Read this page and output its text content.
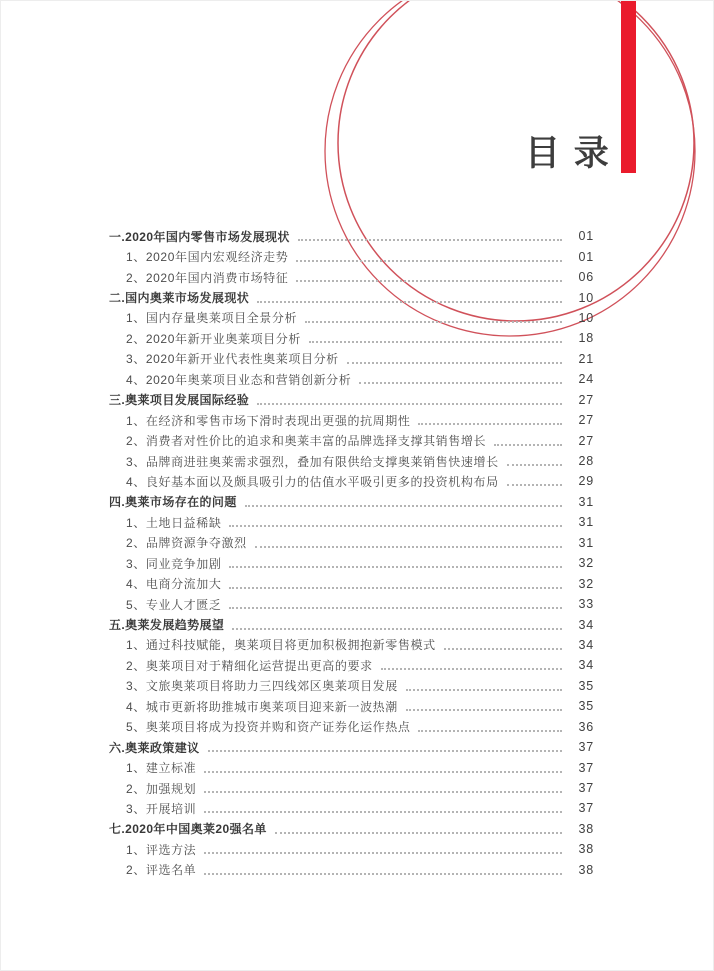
目 录
一.2020年国内零售市场发展现状	01
1、2020年国内宏观经济走势	01
2、2020年国内消费市场特征	06
二.国内奥莱市场发展现状	10
1、国内存量奥莱项目全景分析	10
2、2020年新开业奥莱项目分析	18
3、2020年新开业代表性奥莱项目分析	21
4、2020年奥莱项目业态和营销创新分析	24
三.奥莱项目发展国际经验	27
1、在经济和零售市场下滑时表现出更强的抗周期性	27
2、消费者对性价比的追求和奥莱丰富的品牌选择支撑其销售增长	27
3、品牌商进驻奥莱需求强烈，叠加有限供给支撑奥莱销售快速增长	28
4、良好基本面以及颇具吸引力的估值水平吸引更多的投资机构布局	29
四.奥莱市场存在的问题	31
1、土地日益稀缺	31
2、品牌资源争夺激烈	31
3、同业竞争加剧	32
4、电商分流加大	32
5、专业人才匮乏	33
五.奥莱发展趋势展望	34
1、通过科技赋能，奥莱项目将更加积极拥抱新零售模式	34
2、奥莱项目对于精细化运营提出更高的要求	34
3、文旅奥莱项目将助力三四线郊区奥莱项目发展	35
4、城市更新将助推城市奥莱项目迎来新一波热潮	35
5、奥莱项目将成为投资并购和资产证券化运作热点	36
六.奥莱政策建议	37
1、建立标准	37
2、加强规划	37
3、开展培训	37
七.2020年中国奥莱20强名单	38
1、评选方法	38
2、评选名单	38
